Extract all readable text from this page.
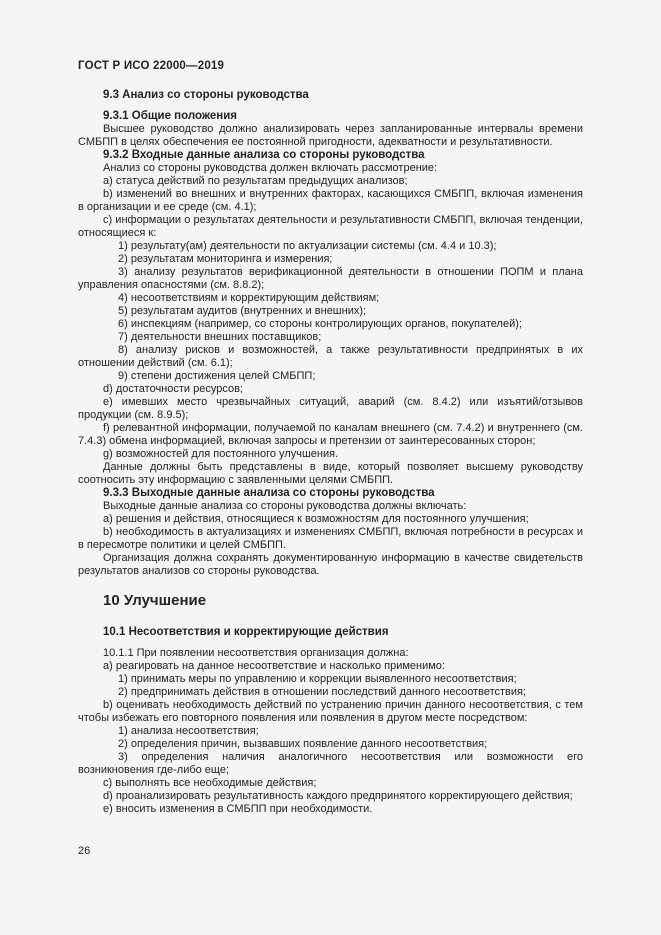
ГОСТ Р ИСО 22000—2019

9.3 Анализ со стороны руководства

9.3.1 Общие положения

Высшее руководство должно анализировать через запланированные интервалы времени СМБПП в целях обеспечения ее постоянной пригодности, адекватности и результативности.

9.3.2 Входные данные анализа со стороны руководства

Анализ со стороны руководства должен включать рассмотрение:

a) статуса действий по результатам предыдущих анализов;

b) изменений во внешних и внутренних факторах, касающихся СМБПП, включая изменения в организации и ее среде (см. 4.1);

c) информации о результатах деятельности и результативности СМБПП, включая тенденции, относящиеся к:

1) результату(ам) деятельности по актуализации системы (см. 4.4 и 10.3);

2) результатам мониторинга и измерения;

3) анализу результатов верификационной деятельности в отношении ПОПМ и плана управления опасностями (см. 8.8.2);

4) несоответствиям и корректирующим действиям;

5) результатам аудитов (внутренних и внешних);

6) инспекциям (например, со стороны контролирующих органов, покупателей);

7) деятельности внешних поставщиков;

8) анализу рисков и возможностей, а также результативности предпринятых в их отношении действий (см. 6.1);

9) степени достижения целей СМБПП;

d) достаточности ресурсов;

e) имевших место чрезвычайных ситуаций, аварий (см. 8.4.2) или изъятий/отзывов продукции (см. 8.9.5);

f) релевантной информации, получаемой по каналам внешнего (см. 7.4.2) и внутреннего (см. 7.4.3) обмена информацией, включая запросы и претензии от заинтересованных сторон;

g) возможностей для постоянного улучшения.

Данные должны быть представлены в виде, который позволяет высшему руководству соотносить эту информацию с заявленными целями СМБПП.

9.3.3 Выходные данные анализа со стороны руководства

Выходные данные анализа со стороны руководства должны включать:

a) решения и действия, относящиеся к возможностям для постоянного улучшения;

b) необходимость в актуализациях и изменениях СМБПП, включая потребности в ресурсах и в пересмотре политики и целей СМБПП.

Организация должна сохранять документированную информацию в качестве свидетельств результатов анализов со стороны руководства.

10 Улучшение

10.1 Несоответствия и корректирующие действия

10.1.1 При появлении несоответствия организация должна:

a) реагировать на данное несоответствие и насколько применимо:

1) принимать меры по управлению и коррекции выявленного несоответствия;

2) предпринимать действия в отношении последствий данного несоответствия;

b) оценивать необходимость действий по устранению причин данного несоответствия, с тем чтобы избежать его повторного появления или появления в другом месте посредством:

1) анализа несоответствия;

2) определения причин, вызвавших появление данного несоответствия;

3) определения наличия аналогичного несоответствия или возможности его возникновения где-либо еще;

c) выполнять все необходимые действия;

d) проанализировать результативность каждого предпринятого корректирующего действия;

e) вносить изменения в СМБПП при необходимости.

26
